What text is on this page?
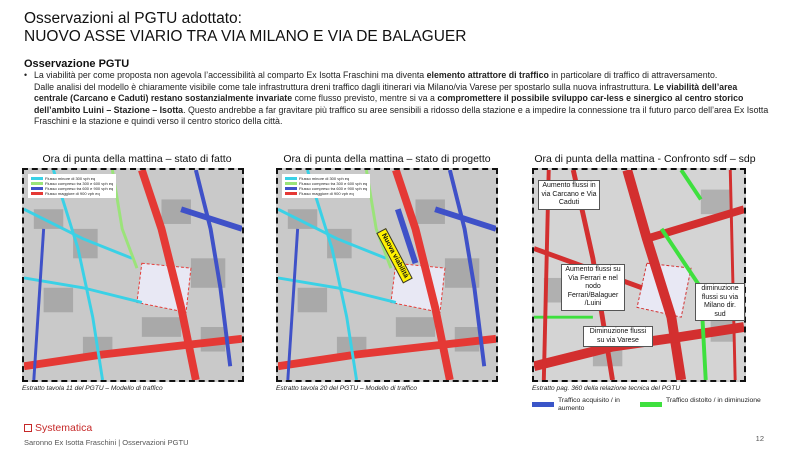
Osservazioni al PGTU adottato:
NUOVO ASSE VIARIO TRA VIA MILANO E VIA DE BALAGUER
Osservazione PGTU
• La viabilità per come proposta non agevola l’accessibilità al comparto Ex Isotta Fraschini ma diventa elemento attrattore di traffico in particolare di traffico di attraversamento.
Dalle analisi del modello è chiaramente visibile come tale infrastruttura dreni traffico dagli itinerari via Milano/via Varese per spostarlo sulla nuova infrastruttura. Le viabilità dell’area centrale (Carcano e Caduti) restano sostanzialmente invariate come flusso previsto, mentre si va a compromettere il possibile sviluppo car-less e sinergico al centro storico dell’ambito Luini – Stazione – Isotta. Questo andrebbe a far gravitare più traffico su aree sensibili a ridosso della stazione e a impedire la connessione tra il futuro parco dell’area Ex Isotta Fraschini e la stazione e quindi verso il centro storico della città.
Ora di punta della mattina – stato di fatto	Ora di punta della mattina – stato di progetto	Ora di punta della mattina - Confronto sdf – sdp
Flusso minore di 300 vph eq
Flusso compreso tra 300 e 600 vph eq
Flusso compreso tra 600 e 900 vph eq
Flusso maggiore di 900 vph eq
Flusso minore di 300 vph eq
Flusso compreso tra 300 e 600 vph eq
Flusso compreso tra 600 e 900 vph eq
Flusso maggiore di 900 vph eq
Nuova viabilità
Aumento flussi in via Carcano e Via Caduti
Aumento flussi su Via Ferrari e nel nodo Ferrari/Balaguer /Luini
diminuzione flussi su via Milano dir. sud
Diminuzione flussi su via Varese
Estratto tavola 11 del PGTU – Modello di traffico	Estratto tavola 20 del PGTU – Modello di traffico	Estratto pag. 360 della relazione tecnica del PGTU
Traffico acquisito / in aumento
Traffico distolto / in diminuzione
Systematica
Saronno Ex Isotta Fraschini | Osservazioni PGTU	12
